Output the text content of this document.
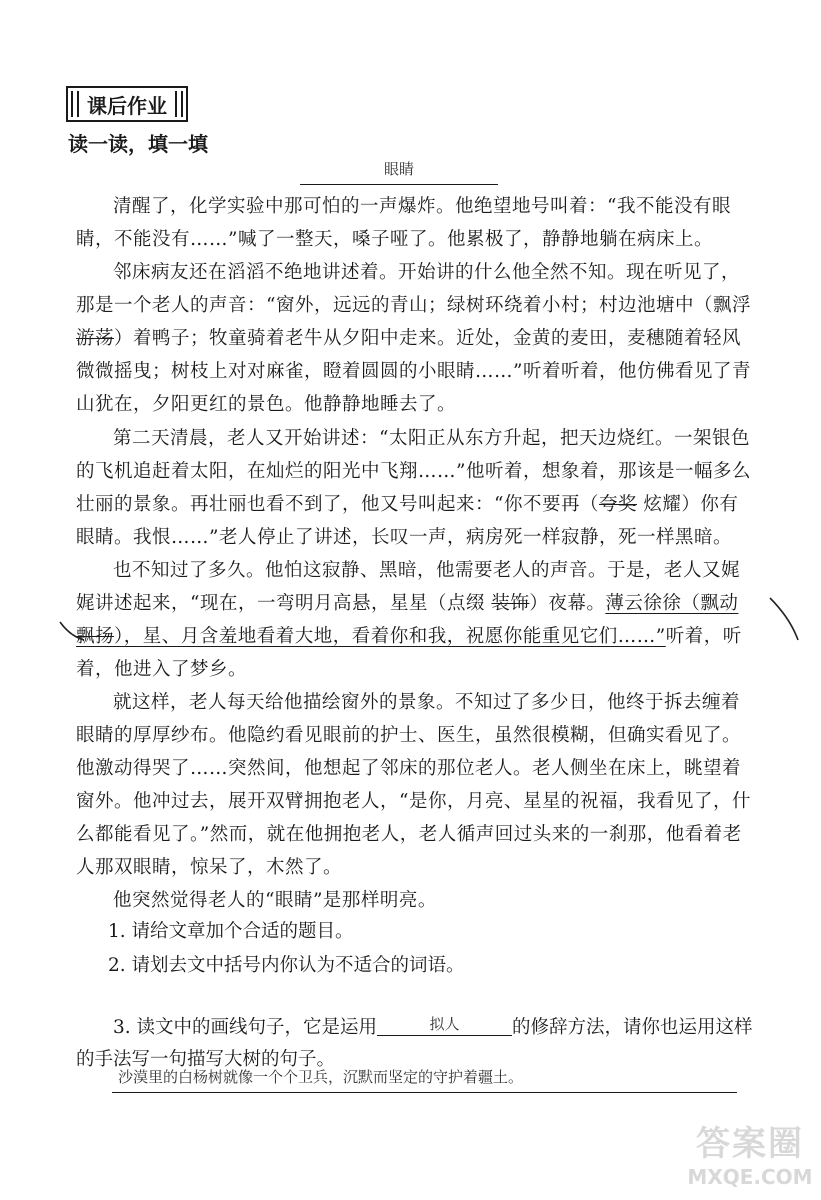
课后作业
读一读，填一填
眼睛

清醒了，化学实验中那可怕的一声爆炸。他绝望地号叫着：“我不能没有眼睛，不能没有……”喊了一整天，嗓子哑了。他累极了，静静地躺在病床上。

邻床病友还在滔滔不绝地讲述着。开始讲的什么他全然不知。现在听见了，那是一个老人的声音：“窗外，远远的青山；绿树环绕着小村；村边池塘中（飘浮 游荡）着鸭子；牧童骑着老牛从夕阳中走来。近处，金黄的麦田，麦穗随着轻风微微摇曳；树枝上对对麻雀，瞪着圆圆的小眼睛……”听着听着，他仿佛看见了青山犹在，夕阳更红的景色。他静静地睡去了。

第二天清晨，老人又开始讲述：“太阳正从东方升起，把天边烧红。一架银色的飞机追赶着太阳，在灿烂的阳光中飞翔……”他听着，想象着，那该是一幅多么壮丽的景象。再壮丽也看不到了，他又号叫起来：“你不要再（夸奖 炫耀）你有眼睛。我恨……”老人停止了讲述，长叹一声，病房死一样寂静，死一样黑暗。

也不知过了多久。他怕这寂静、黑暗，他需要老人的声音。于是，老人又娓娓讲述起来，“现在，一弯明月高悬，星星（点缀 装饰）夜幕。薄云徐徐（飘动 飘扬），星、月含羞地看着大地，看着你和我，祝愿你能重见它们……”听着，听着，他进入了梦乡。

就这样，老人每天给他描绘窗外的景象。不知过了多少日，他终于拆去缠着眼睛的厚厚纱布。他隐约看见眼前的护士、医生，虽然很模糊，但确实看见了。他激动得哭了……突然间，他想起了邻床的那位老人。老人侧坐在床上，眺望着窗外。他冲过去，展开双臂拥抱老人，“是你，月亮、星星的祝福，我看见了，什么都能看见了。”然而，就在他拥抱老人，老人循声回过头来的一刹那，他看着老人那双眼睛，惊呆了，木然了。

他突然觉得老人的“眼睛”是那样明亮。

1. 请给文章加个合适的题目。

2. 请划去文中括号内你认为不适合的词语。

3. 读文中的画线句子，它是运用	拟人	的修辞方法，请你也运用这样的手法写一句描写大树的句子。

沙漠里的白杨树就像一个个卫兵，沉默而坚定的守护着疆土。
答案圈
MXQE.COM
